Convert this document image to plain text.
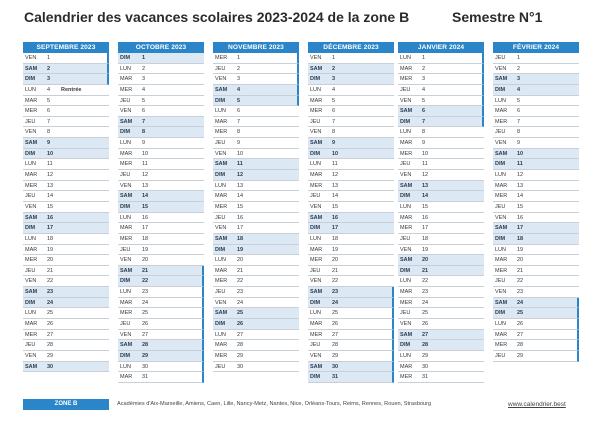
Calendrier des vacances scolaires 2023-2024 de la zone B	Semestre N°1
SEPTEMBRE 2023
VEN 1
SAM 2
DIM 3
LUN 4 Rentrée
MAR 5
MER 6
JEU 7
VEN 8
SAM 9
DIM 10
LUN 11
MAR 12
MER 13
JEU 14
VEN 15
SAM 16
DIM 17
LUN 18
MAR 19
MER 20
JEU 21
VEN 22
SAM 23
DIM 24
LUN 25
MAR 26
MER 27
JEU 28
VEN 29
SAM 30
OCTOBRE 2023
DIM 1
LUN 2
MAR 3
MER 4
JEU 5
VEN 6
SAM 7
DIM 8
LUN 9
MAR 10
MER 11
JEU 12
VEN 13
SAM 14
DIM 15
LUN 16
MAR 17
MER 18
JEU 19
VEN 20
SAM 21
DIM 22
LUN 23
MAR 24
MER 25
JEU 26
VEN 27
SAM 28
DIM 29
LUN 30
MAR 31
NOVEMBRE 2023
MER 1
JEU 2
VEN 3
SAM 4
DIM 5
LUN 6
MAR 7
MER 8
JEU 9
VEN 10
SAM 11
DIM 12
LUN 13
MAR 14
MER 15
JEU 16
VEN 17
SAM 18
DIM 19
LUN 20
MAR 21
MER 22
JEU 23
VEN 24
SAM 25
DIM 26
LUN 27
MAR 28
MER 29
JEU 30
DÉCEMBRE 2023
VEN 1
SAM 2
DIM 3
LUN 4
MAR 5
MER 6
JEU 7
VEN 8
SAM 9
DIM 10
LUN 11
MAR 12
MER 13
JEU 14
VEN 15
SAM 16
DIM 17
LUN 18
MAR 19
MER 20
JEU 21
VEN 22
SAM 23
DIM 24
LUN 25
MAR 26
MER 27
JEU 28
VEN 29
SAM 30
DIM 31
JANVIER 2024
LUN 1
MAR 2
MER 3
JEU 4
VEN 5
SAM 6
DIM 7
LUN 8
MAR 9
MER 10
JEU 11
VEN 12
SAM 13
DIM 14
LUN 15
MAR 16
MER 17
JEU 18
VEN 19
SAM 20
DIM 21
LUN 22
MAR 23
MER 24
JEU 25
VEN 26
SAM 27
DIM 28
LUN 29
MAR 30
MER 31
FÉVRIER 2024
JEU 1
VEN 2
SAM 3
DIM 4
LUN 5
MAR 6
MER 7
JEU 8
VEN 9
SAM 10
DIM 11
LUN 12
MAR 13
MER 14
JEU 15
VEN 16
SAM 17
DIM 18
LUN 19
MAR 20
MER 21
JEU 22
VEN 23
SAM 24
DIM 25
LUN 26
MAR 27
MER 28
JEU 29
ZONE B	Académies d'Aix-Marseille, Amiens, Caen, Lille, Nancy-Metz, Nantes, Nice, Orléans-Tours, Reims, Rennes, Rouen, Strasbourg	www.calendrier.best
